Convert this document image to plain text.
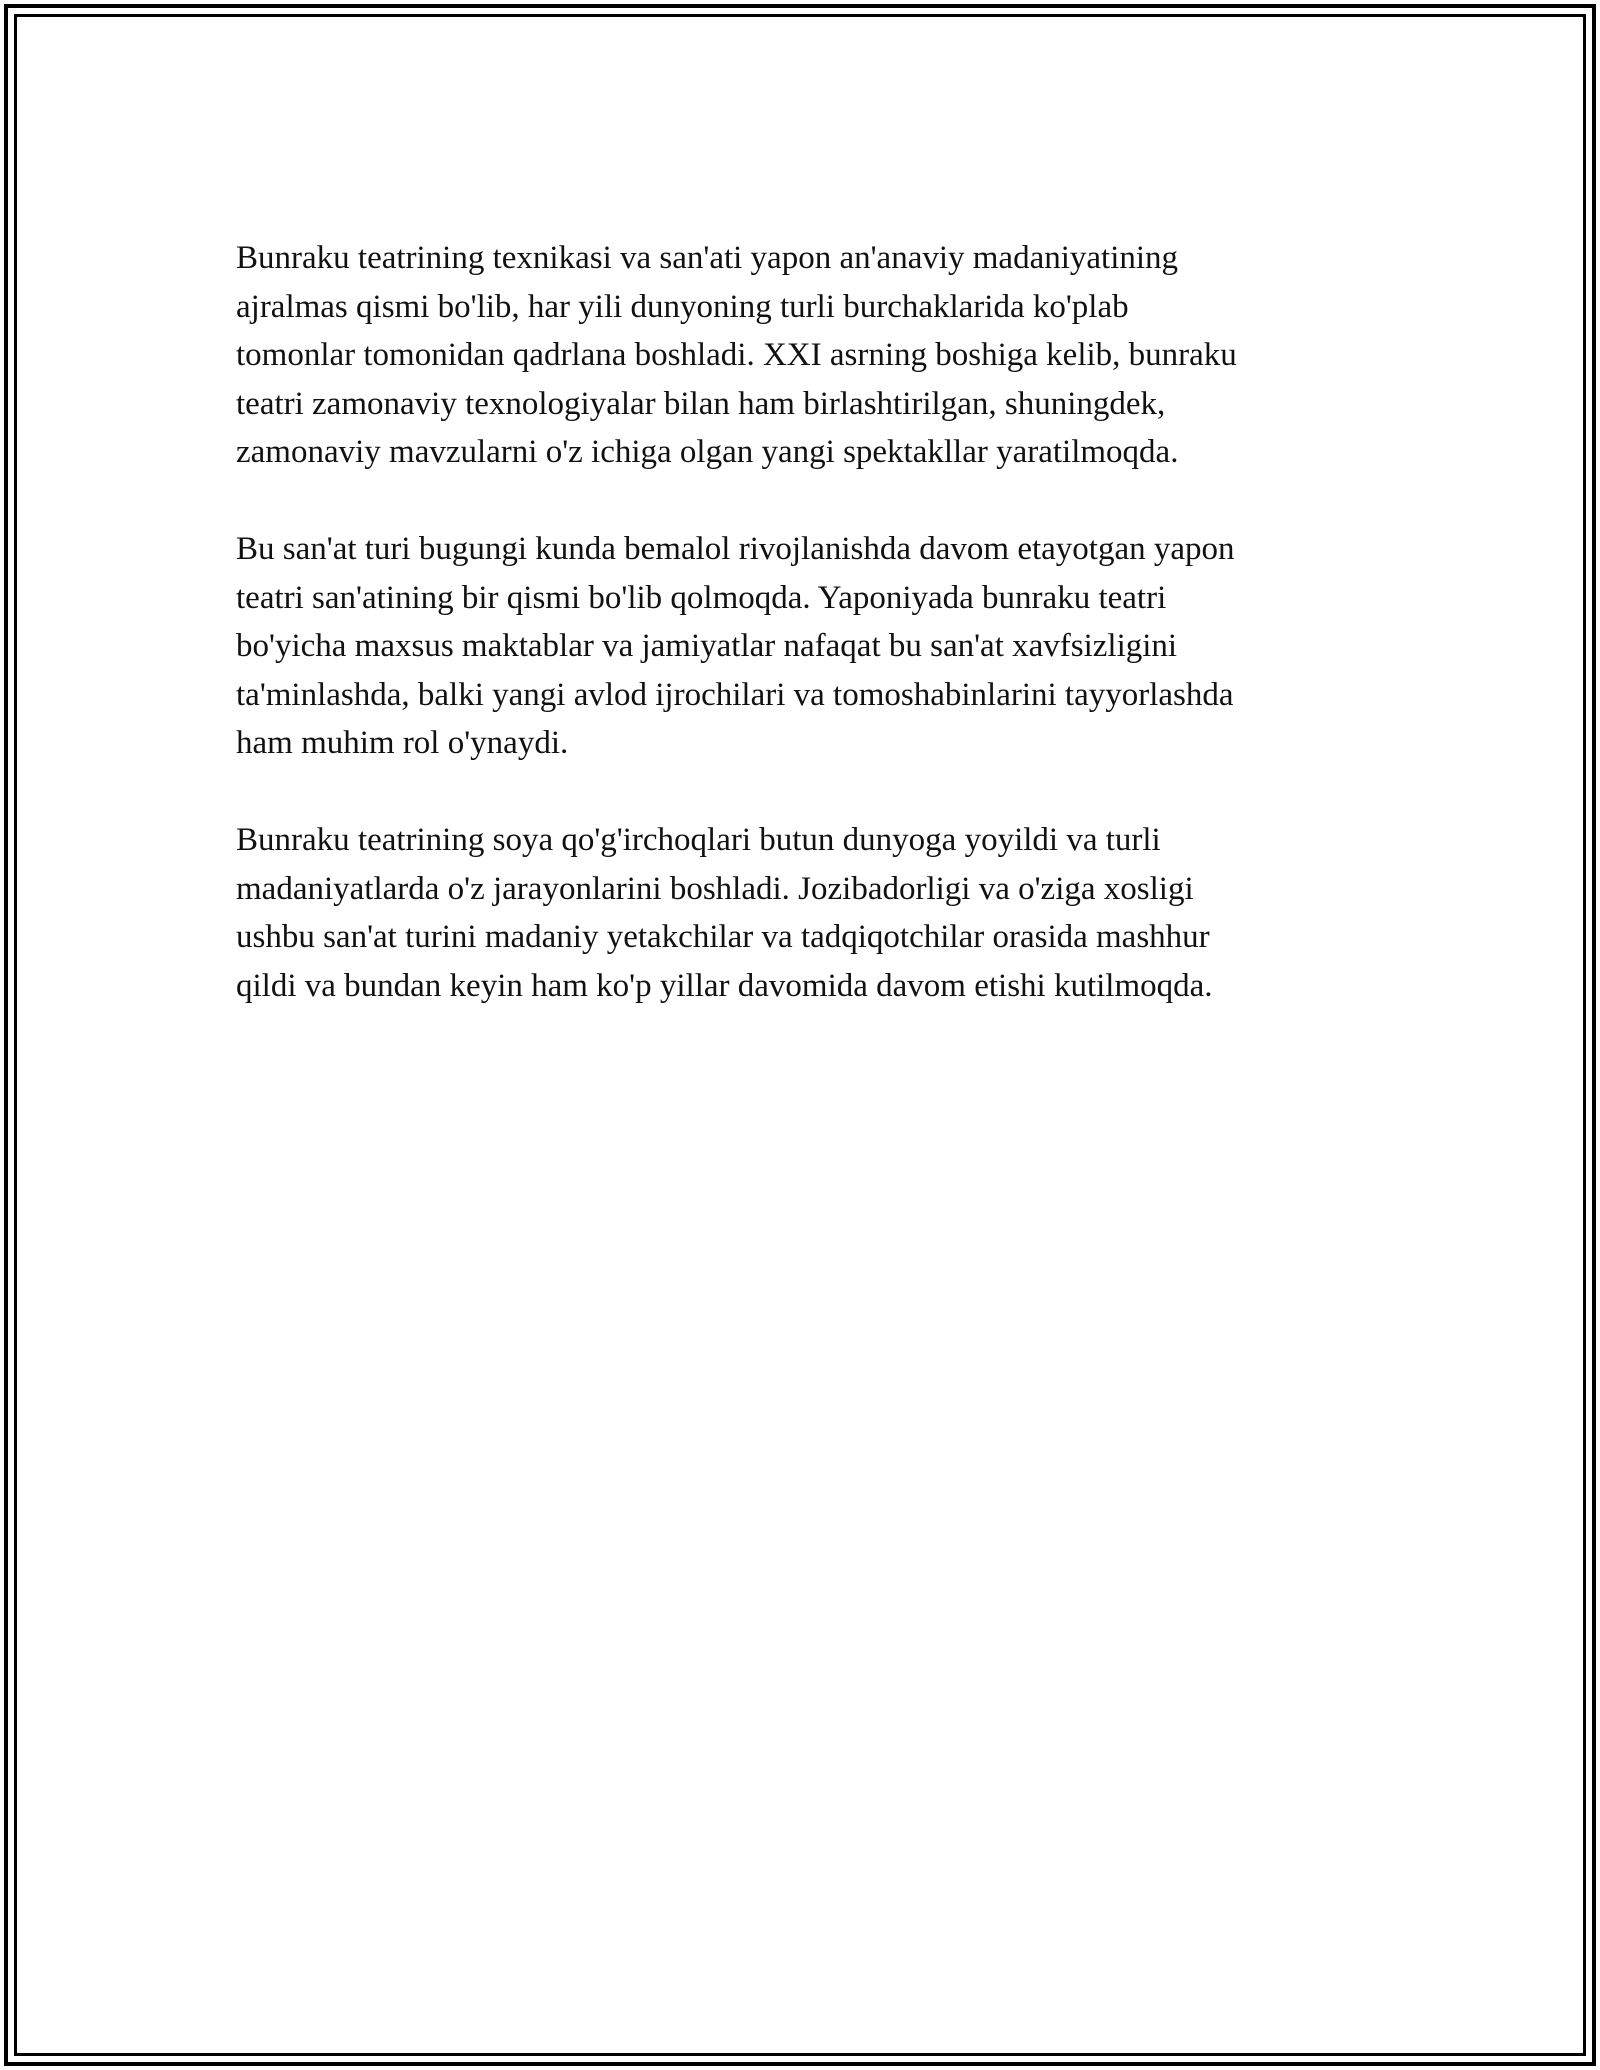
Bunraku teatrining texnikasi va san'ati yapon an'anaviy madaniyatining
ajralmas qismi bo'lib, har yili dunyoning turli burchaklarida ko'plab
tomonlar tomonidan qadrlana boshladi. XXI asrning boshiga kelib, bunraku
teatri zamonaviy texnologiyalar bilan ham birlashtirilgan, shuningdek,
zamonaviy mavzularni o'z ichiga olgan yangi spektakllar yaratilmoqda.

Bu san'at turi bugungi kunda bemalol rivojlanishda davom etayotgan yapon
teatri san'atining bir qismi bo'lib qolmoqda. Yaponiyada bunraku teatri
bo'yicha maxsus maktablar va jamiyatlar nafaqat bu san'at xavfsizligini
ta'minlashda, balki yangi avlod ijrochilari va tomoshabinlarini tayyorlashda
ham muhim rol o'ynaydi.

Bunraku teatrining soya qo'g'irchoqlari butun dunyoga yoyildi va turli
madaniyatlarda o'z jarayonlarini boshladi. Jozibadorligi va o'ziga xosligi
ushbu san'at turini madaniy yetakchilar va tadqiqotchilar orasida mashhur
qildi va bundan keyin ham ko'p yillar davomida davom etishi kutilmoqda.
